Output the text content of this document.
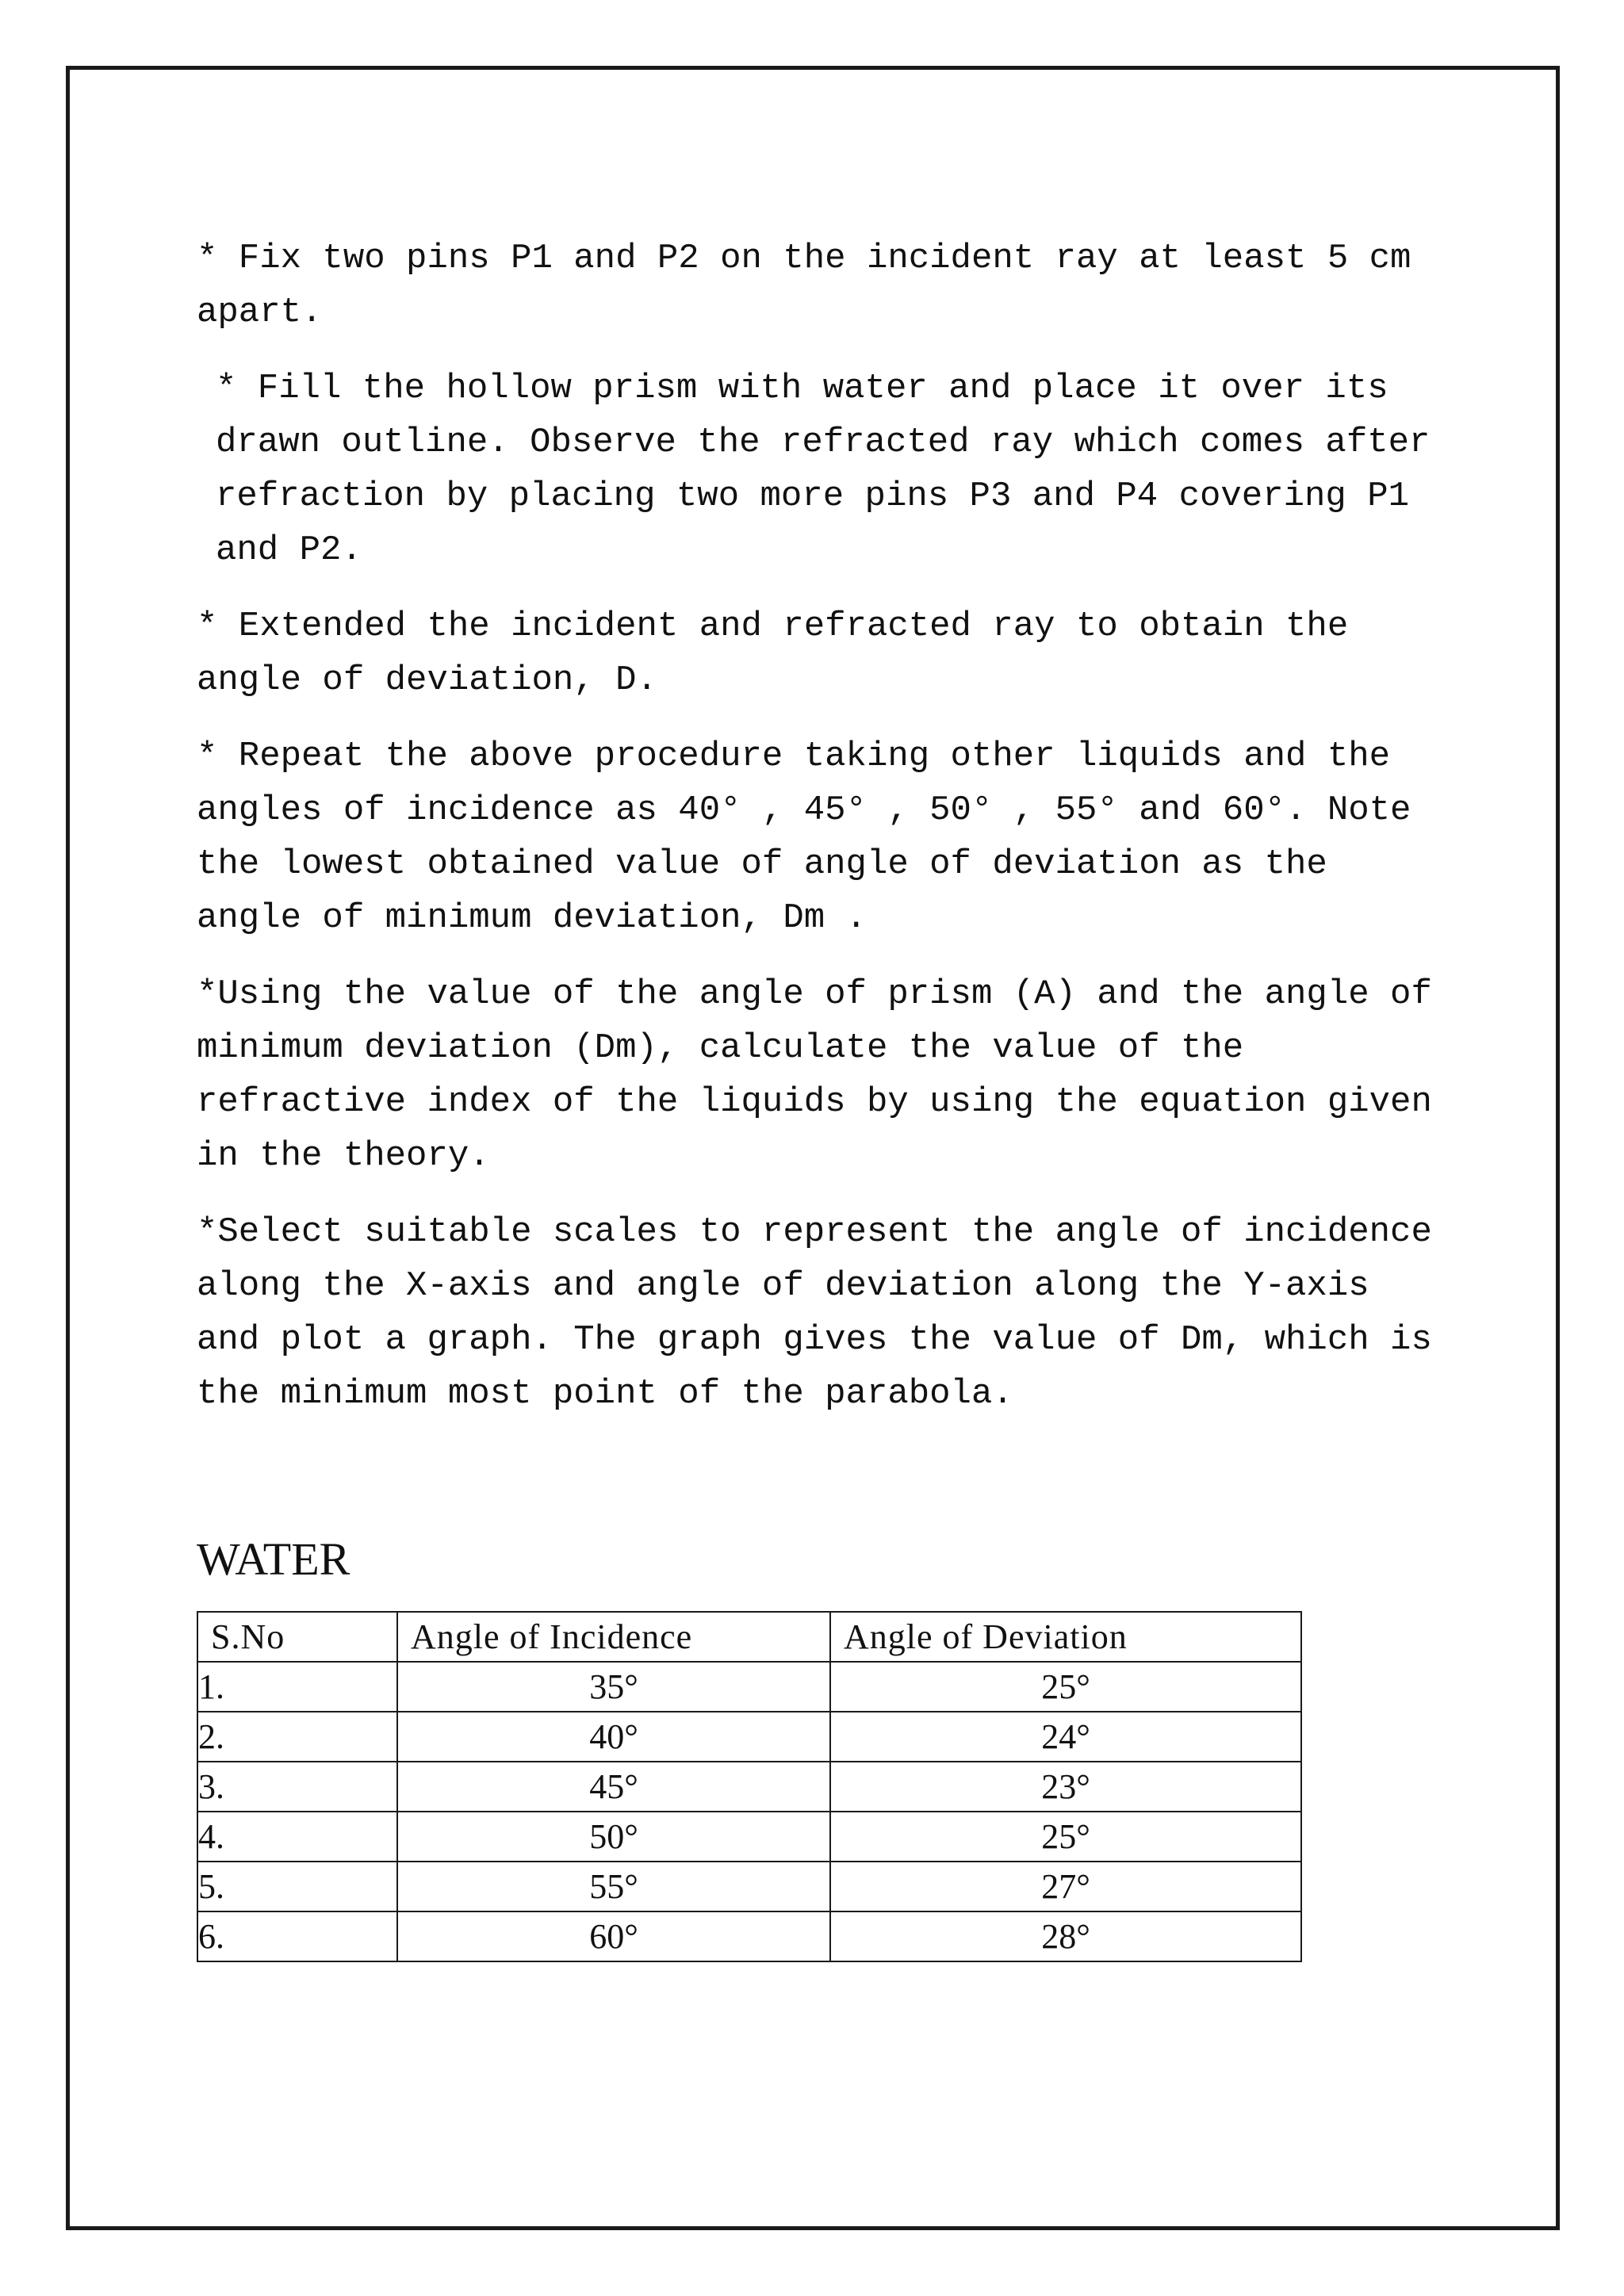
* Fix two pins P1 and P2 on the incident ray at least 5 cm apart.

* Fill the hollow prism with water and place it over its drawn outline. Observe the refracted ray which comes after refraction by placing two more pins P3 and P4 covering P1 and P2.

* Extended the incident and refracted ray to obtain the angle of deviation, D.

* Repeat the above procedure taking other liquids and the angles of incidence as 40° , 45° , 50° , 55° and 60°. Note the lowest obtained value of angle of deviation as the angle of minimum deviation, Dm .

*Using the value of the angle of prism (A) and the angle of minimum deviation (Dm), calculate the value of the refractive index of the liquids by using the equation given in the theory.

*Select suitable scales to represent the angle of incidence along the X-axis and angle of deviation along the Y-axis and plot a graph. The graph gives the value of Dm, which is the minimum most point of the parabola.

WATER
S.No	Angle of Incidence	Angle of Deviation
1.	35°	25°
2.	40°	24°
3.	45°	23°
4.	50°	25°
5.	55°	27°
6.	60°	28°
